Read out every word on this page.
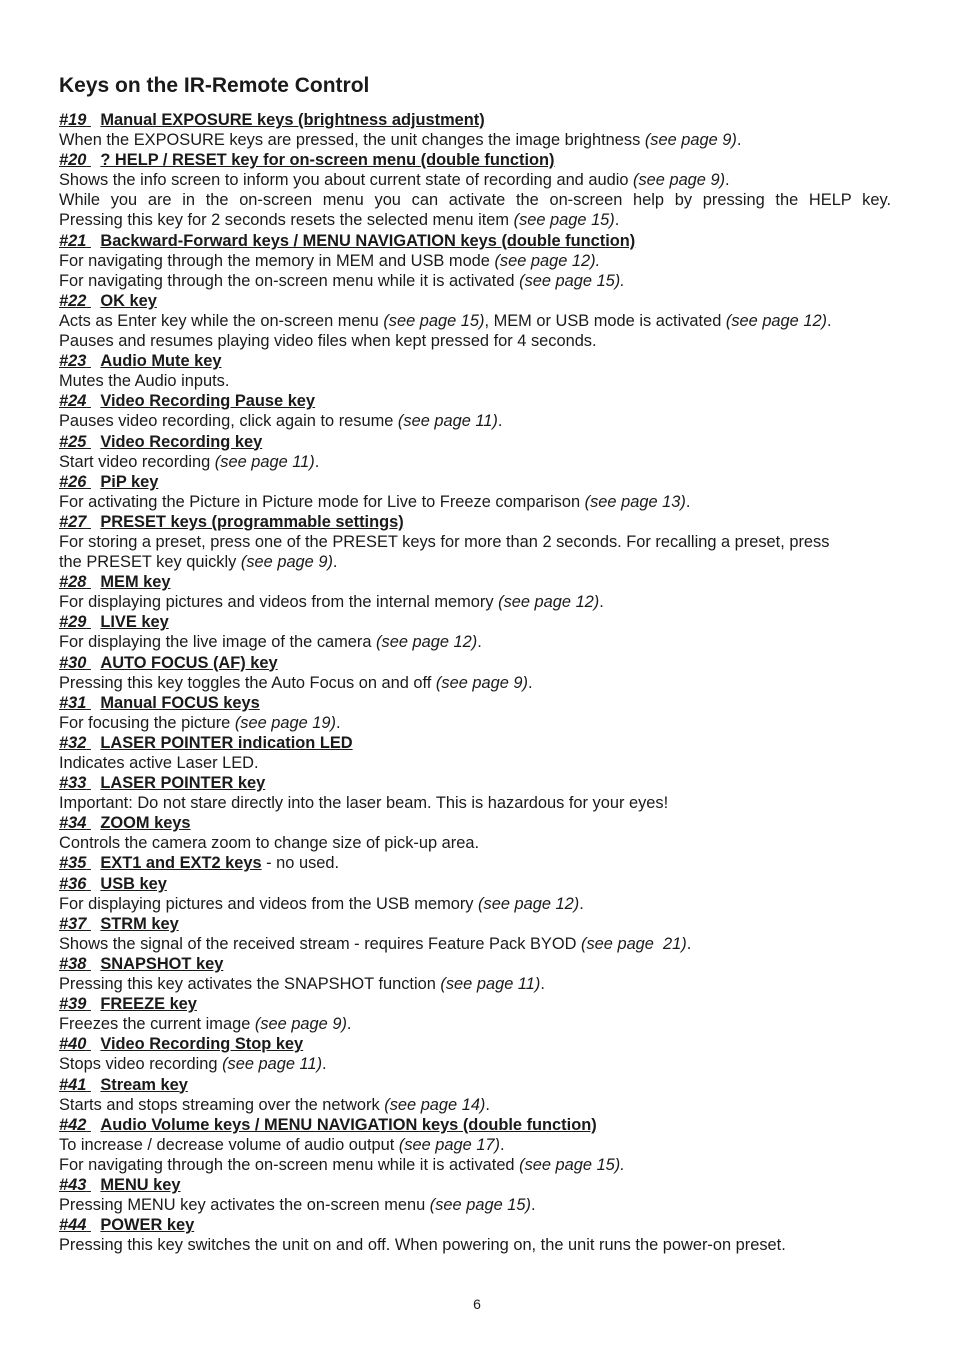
Keys on the IR-Remote Control
#19 Manual EXPOSURE keys (brightness adjustment)
When the EXPOSURE keys are pressed, the unit changes the image brightness (see page 9).
#20 ? HELP / RESET key for on-screen menu (double function)
Shows the info screen to inform you about current state of recording and audio (see page 9).
While you are in the on-screen menu you can activate the on-screen help by pressing the HELP key.
Pressing this key for 2 seconds resets the selected menu item (see page 15).
#21 Backward-Forward keys / MENU NAVIGATION keys (double function)
For navigating through the memory in MEM and USB mode (see page 12).
For navigating through the on-screen menu while it is activated (see page 15).
#22 OK key
Acts as Enter key while the on-screen menu (see page 15), MEM or USB mode is activated (see page 12).
Pauses and resumes playing video files when kept pressed for 4 seconds.
#23 Audio Mute key
Mutes the Audio inputs.
#24 Video Recording Pause key
Pauses video recording, click again to resume (see page 11).
#25 Video Recording key
Start video recording (see page 11).
#26 PiP key
For activating the Picture in Picture mode for Live to Freeze comparison (see page 13).
#27 PRESET keys (programmable settings)
For storing a preset, press one of the PRESET keys for more than 2 seconds. For recalling a preset, press
the PRESET key quickly (see page 9).
#28 MEM key
For displaying pictures and videos from the internal memory (see page 12).
#29 LIVE key
For displaying the live image of the camera (see page 12).
#30 AUTO FOCUS (AF) key
Pressing this key toggles the Auto Focus on and off (see page 9).
#31 Manual FOCUS keys
For focusing the picture (see page 19).
#32 LASER POINTER indication LED
Indicates active Laser LED.
#33 LASER POINTER key
Important: Do not stare directly into the laser beam. This is hazardous for your eyes!
#34 ZOOM keys
Controls the camera zoom to change size of pick-up area.
#35 EXT1 and EXT2 keys - no used.
#36 USB key
For displaying pictures and videos from the USB memory (see page 12).
#37 STRM key
Shows the signal of the received stream - requires Feature Pack BYOD (see page  21).
#38 SNAPSHOT key
Pressing this key activates the SNAPSHOT function (see page 11).
#39 FREEZE key
Freezes the current image (see page 9).
#40 Video Recording Stop key
Stops video recording (see page 11).
#41 Stream key
Starts and stops streaming over the network (see page 14).
#42 Audio Volume keys / MENU NAVIGATION keys (double function)
To increase / decrease volume of audio output (see page 17).
For navigating through the on-screen menu while it is activated (see page 15).
#43 MENU key
Pressing MENU key activates the on-screen menu (see page 15).
#44 POWER key
Pressing this key switches the unit on and off. When powering on, the unit runs the power-on preset.
6
